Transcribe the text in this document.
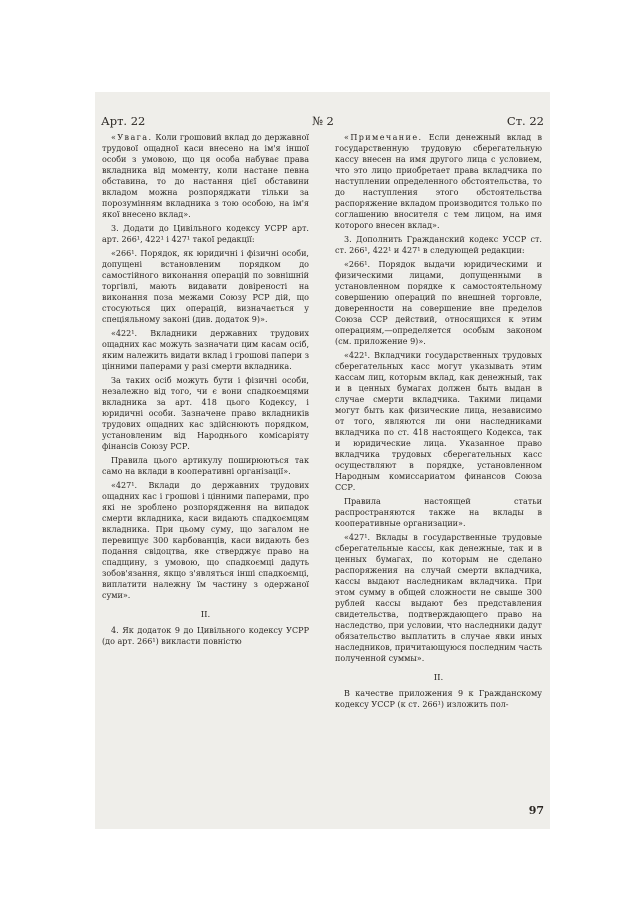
Арт. 22	№ 2	Ст. 22

«Увага. Коли грошовий вклад до державної трудової ощадної каси внесено на ім'я іншої особи з умовою, що ця особа набуває права вкладника від моменту, коли настане певна обставина, то до настання цієї обставини вкладом можна розпоряджати тільки за порозумінням вкладника з тою особою, на ім'я якої внесено вклад».

3. Додати до Цивільного кодексу УСРР арт. арт. 266¹, 422¹ і 427¹ такої редакції:

«266¹. Порядок, як юридичні і фізичні особи, допущені встановленим порядком до самостійного виконання операцій по зовнішній торгівлі, мають видавати довіреності на виконання поза межами Союзу РСР дій, що стосуються цих операцій, визначається у спеціяльному законі (див. додаток 9)».

«422¹. Вкладники державних трудових ощадних кас можуть зазначати цим касам осіб, яким належить видати вклад і грошові папери з цінними паперами у разі смерти вкладника.

За таких осіб можуть бути і фізичні особи, незалежно від того, чи є вони спадкоємцями вкладника за арт. 418 цього Кодексу, і юридичні особи. Зазначене право вкладників трудових ощадних кас здійснюють порядком, установленим від Народнього комісаріяту фінансів Союзу РСР.

Правила цього артикулу поширюються так само на вклади в кооперативні організації».

«427¹. Вклади до державних трудових ощадних кас і грошові і цінними паперами, про які не зроблено розпорядження на випадок смерти вкладника, каси видають спадкоємцям вкладника. При цьому суму, що загалом не перевищує 300 карбованців, каси видають без подання свідоцтва, яке стверджує право на спадщину, з умовою, що спадкоємці дадуть зобов'язання, якщо з'являться інші спадкоємці, виплатити належну їм частину з одержаної суми».

II.

4. Як додаток 9 до Цивільного кодексу УСРР (до арт. 266¹) викласти повністю

«Примечание. Если денежный вклад в государственную трудовую сберегательную кассу внесен на имя другого лица с условием, что это лицо приобретает права вкладчика по наступлении определенного обстоятельства, то до наступления этого обстоятельства распоряжение вкладом производится только по соглашению вносителя с тем лицом, на имя которого внесен вклад».

3. Дополнить Гражданский кодекс УССР ст. ст. 266¹, 422¹ и 427¹ в следующей редакции:

«266¹. Порядок выдачи юридическими и физическими лицами, допущенными в установленном порядке к самостоятельному совершению операций по внешней торговле, доверенности на совершение вне пределов Союза ССР действий, относящихся к этим операциям,—определяется особым законом (см. приложение 9)».

«422¹. Вкладчики государственных трудовых сберегательных касс могут указывать этим кассам лиц, которым вклад, как денежный, так и в ценных бумагах должен быть выдан в случае смерти вкладчика. Такими лицами могут быть как физические лица, независимо от того, являются ли они наследниками вкладчика по ст. 418 настоящего Кодекса, так и юридические лица. Указанное право вкладчика трудовых сберегательных касс осуществляют в порядке, установленном Народным комиссариатом финансов Союза ССР.

Правила настоящей статьи распространяются также на вклады в кооперативные организации».

«427¹. Вклады в государственные трудовые сберегательные кассы, как денежные, так и в ценных бумагах, по которым не сделано распоряжения на случай смерти вкладчика, кассы выдают наследникам вкладчика. При этом сумму в общей сложности не свыше 300 рублей кассы выдают без представления свидетельства, подтверждающего право на наследство, при условии, что наследники дадут обязательство выплатить в случае явки иных наследников, причитающуюся последним часть полученной суммы».

II.

В качестве приложения 9 к Гражданскому кодексу УССР (к ст. 266¹) изложить пол-

97
